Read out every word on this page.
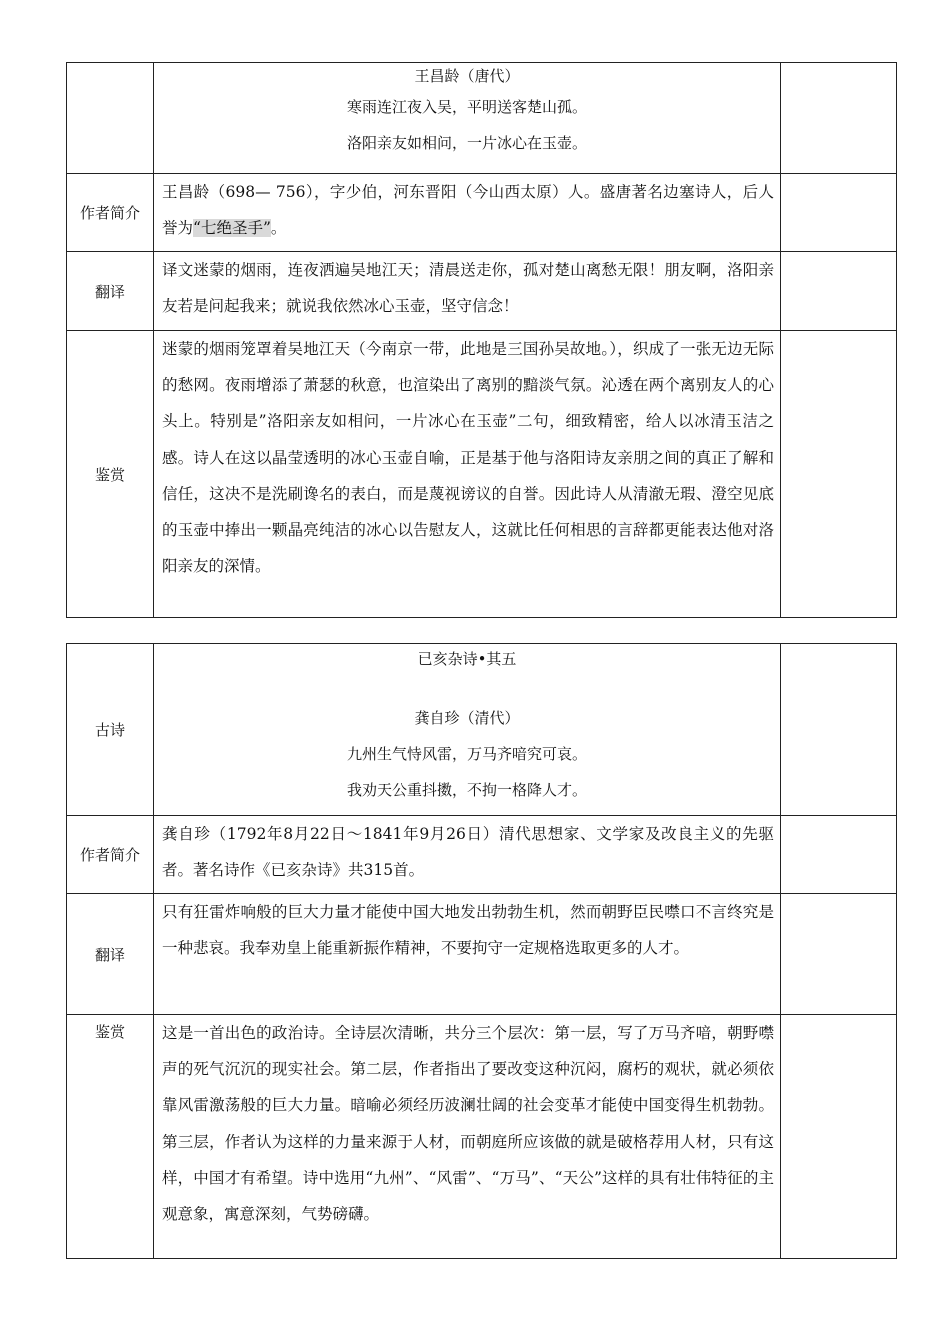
	王昌龄（唐代）
寒雨连江夜入吴，平明送客楚山孤。
洛阳亲友如相问，一片冰心在玉壶。	

作者简介	王昌龄（698— 756），字少伯，河东晋阳（今山西太原）人。盛唐著名边塞诗人，后人誉为“七绝圣手”。	
翻译	译文迷蒙的烟雨，连夜洒遍吴地江天；清晨送走你，孤对楚山离愁无限！朋友啊，洛阳亲友若是问起我来；就说我依然冰心玉壶，坚守信念！	
鉴赏	迷蒙的烟雨笼罩着吴地江天（今南京一带，此地是三国孙吴故地。），织成了一张无边无际的愁网。夜雨增添了萧瑟的秋意，也渲染出了离别的黯淡气氛。沁透在两个离别友人的心头上。特别是”洛阳亲友如相问，一片冰心在玉壶”二句，细致精密，给人以冰清玉洁之感。诗人在这以晶莹透明的冰心玉壶自喻，正是基于他与洛阳诗友亲朋之间的真正了解和信任，这决不是洗刷谗名的表白，而是蔑视谤议的自誉。因此诗人从清澈无瑕、澄空见底的玉壶中捧出一颗晶亮纯洁的冰心以告慰友人，这就比任何相思的言辞都更能表达他对洛阳亲友的深情。	
古诗	已亥杂诗•其五
龚自珍（清代）
九州生气恃风雷，万马齐喑究可哀。
我劝天公重抖擞，不拘一格降人才。	

作者简介	龚自珍（1792年8月22日～1841年9月26日）清代思想家、文学家及改良主义的先驱者。著名诗作《已亥杂诗》共315首。	
翻译	只有狂雷炸响般的巨大力量才能使中国大地发出勃勃生机，然而朝野臣民噤口不言终究是一种悲哀。我奉劝皇上能重新振作精神，不要拘守一定规格选取更多的人才。	
鉴赏	这是一首出色的政治诗。全诗层次清晰，共分三个层次：第一层，写了万马齐喑，朝野噤声的死气沉沉的现实社会。第二层，作者指出了要改变这种沉闷，腐朽的观状，就必须依靠风雷激荡般的巨大力量。暗喻必须经历波澜壮阔的社会变革才能使中国变得生机勃勃。第三层，作者认为这样的力量来源于人材，而朝庭所应该做的就是破格荐用人材，只有这样，中国才有希望。诗中选用“九州”、“风雷”、“万马”、“天公”这样的具有壮伟特征的主观意象，寓意深刻，气势磅礴。	
